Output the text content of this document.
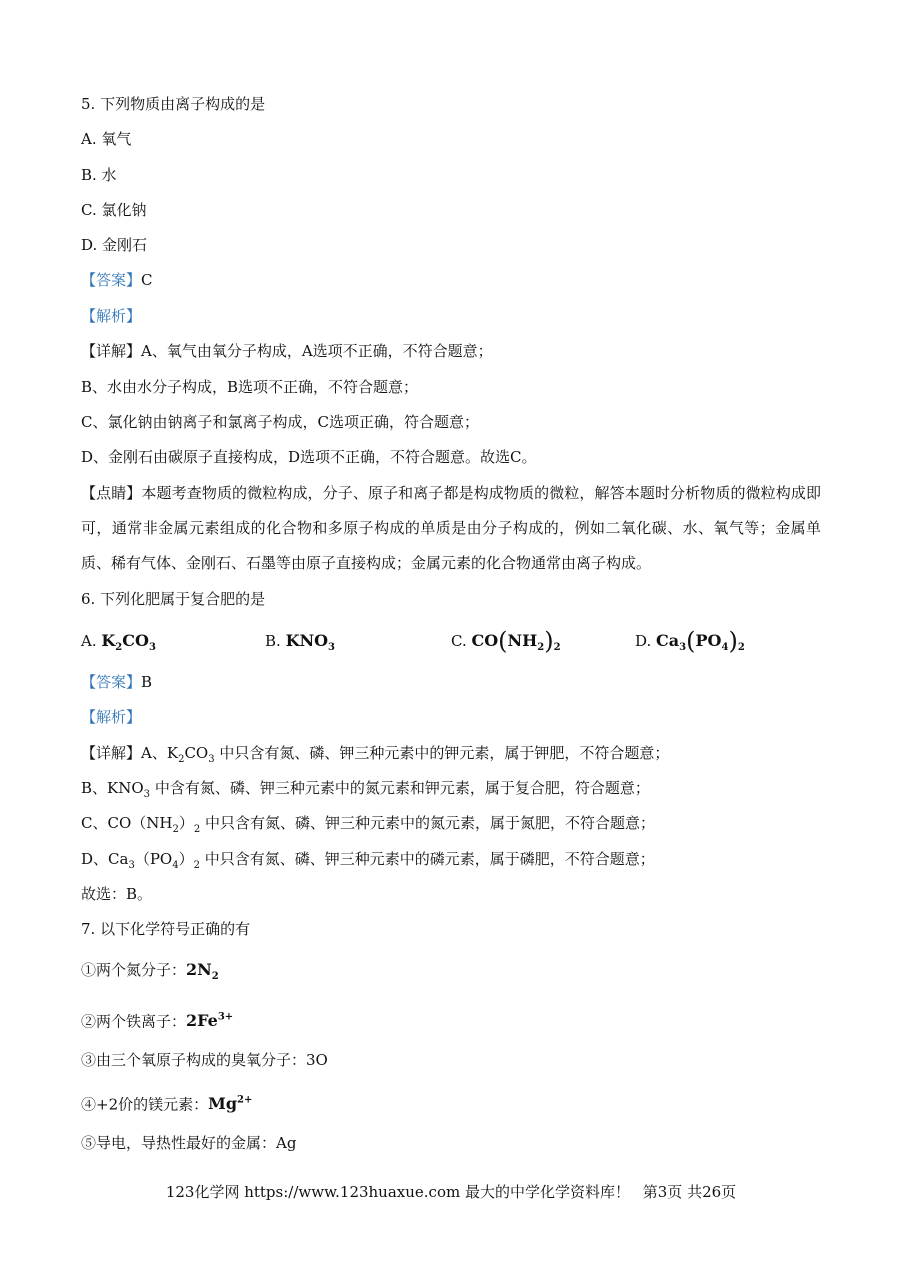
5. 下列物质由离子构成的是
A. 氧气
B. 水
C. 氯化钠
D. 金刚石
【答案】C
【解析】
【详解】A、氧气由氧分子构成，A选项不正确，不符合题意；
B、水由水分子构成，B选项不正确，不符合题意；
C、氯化钠由钠离子和氯离子构成，C选项正确，符合题意；
D、金刚石由碳原子直接构成，D选项不正确，不符合题意。故选C。
【点睛】本题考查物质的微粒构成，分子、原子和离子都是构成物质的微粒，解答本题时分析物质的微粒构成即可，通常非金属元素组成的化合物和多原子构成的单质是由分子构成的，例如二氧化碳、水、氧气等；金属单质、稀有气体、金刚石、石墨等由原子直接构成；金属元素的化合物通常由离子构成。
6. 下列化肥属于复合肥的是
A. $K_2CO_3$	B. $KNO_3$	C. $CO(NH_2)_2$	D. $Ca_3(PO_4)_2$
【答案】B
【解析】
【详解】A、$K_2CO_3$ 中只含有氮、磷、钾三种元素中的钾元素，属于钾肥，不符合题意；
B、$KNO_3$ 中含有氮、磷、钾三种元素中的氮元素和钾元素，属于复合肥，符合题意；
C、$CO(NH_2)_2$ 中只含有氮、磷、钾三种元素中的氮元素，属于氮肥，不符合题意；
D、$Ca_3(PO_4)_2$ 中只含有氮、磷、钾三种元素中的磷元素，属于磷肥，不符合题意；
故选：B。
7. 以下化学符号正确的有
①两个氮分子：$2N_2$
②两个铁离子：$2Fe^{3+}$
③由三个氧原子构成的臭氧分子：3O
④+2价的镁元素：$Mg^{2+}$
⑤导电，导热性最好的金属：Ag
123化学网 https://www.123huaxue.com 最大的中学化学资料库！ 第3页 共26页
